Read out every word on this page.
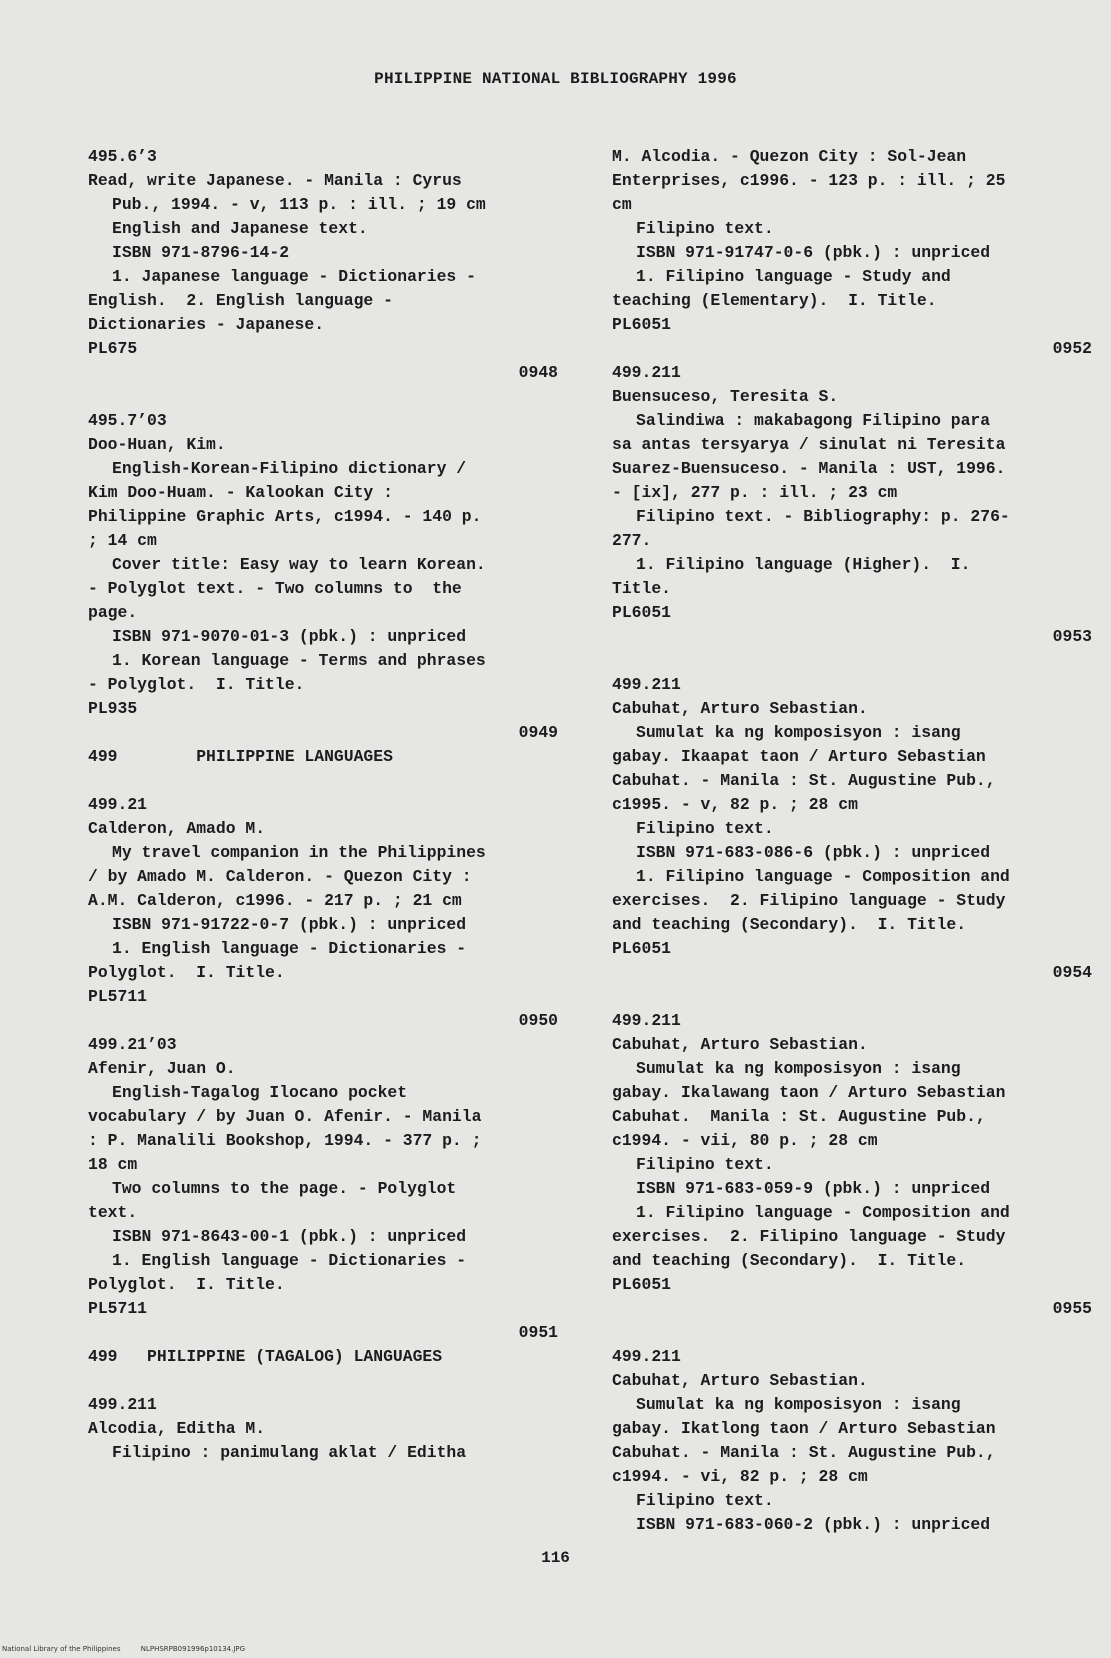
PHILIPPINE NATIONAL BIBLIOGRAPHY 1996

495.6’3

Read, write Japanese. - Manila : Cyrus

Pub., 1994. - v, 113 p. : ill. ; 19 cm

English and Japanese text.

ISBN 971-8796-14-2

1. Japanese language - Dictionaries -

English.  2. English language -

Dictionaries - Japanese.

PL675

0948

495.7’03

Doo-Huan, Kim.

English-Korean-Filipino dictionary /

Kim Doo-Huam. - Kalookan City :

Philippine Graphic Arts, c1994. - 140 p.

; 14 cm

Cover title: Easy way to learn Korean.

- Polyglot text. - Two columns to  the

page.

ISBN 971-9070-01-3 (pbk.) : unpriced

1. Korean language - Terms and phrases

- Polyglot.  I. Title.

PL935

0949

499        PHILIPPINE LANGUAGES

499.21

Calderon, Amado M.

My travel companion in the Philippines

/ by Amado M. Calderon. - Quezon City :

A.M. Calderon, c1996. - 217 p. ; 21 cm

ISBN 971-91722-0-7 (pbk.) : unpriced

1. English language - Dictionaries -

Polyglot.  I. Title.

PL5711

0950

499.21’03

Afenir, Juan O.

English-Tagalog Ilocano pocket

vocabulary / by Juan O. Afenir. - Manila

: P. Manalili Bookshop, 1994. - 377 p. ;

18 cm

Two columns to the page. - Polyglot

text.

ISBN 971-8643-00-1 (pbk.) : unpriced

1. English language - Dictionaries -

Polyglot.  I. Title.

PL5711

0951

499   PHILIPPINE (TAGALOG) LANGUAGES

499.211

Alcodia, Editha M.

Filipino : panimulang aklat / Editha

M. Alcodia. - Quezon City : Sol-Jean

Enterprises, c1996. - 123 p. : ill. ; 25

cm

Filipino text.

ISBN 971-91747-0-6 (pbk.) : unpriced

1. Filipino language - Study and

teaching (Elementary).  I. Title.

PL6051

0952

499.211

Buensuceso, Teresita S.

Salindiwa : makabagong Filipino para

sa antas tersyarya / sinulat ni Teresita

Suarez-Buensuceso. - Manila : UST, 1996.

- [ix], 277 p. : ill. ; 23 cm

Filipino text. - Bibliography: p. 276-

277.

1. Filipino language (Higher).  I.

Title.

PL6051

0953

499.211

Cabuhat, Arturo Sebastian.

Sumulat ka ng komposisyon : isang

gabay. Ikaapat taon / Arturo Sebastian

Cabuhat. - Manila : St. Augustine Pub.,

c1995. - v, 82 p. ; 28 cm

Filipino text.

ISBN 971-683-086-6 (pbk.) : unpriced

1. Filipino language - Composition and

exercises.  2. Filipino language - Study

and teaching (Secondary).  I. Title.

PL6051

0954

499.211

Cabuhat, Arturo Sebastian.

Sumulat ka ng komposisyon : isang

gabay. Ikalawang taon / Arturo Sebastian

Cabuhat.  Manila : St. Augustine Pub.,

c1994. - vii, 80 p. ; 28 cm

Filipino text.

ISBN 971-683-059-9 (pbk.) : unpriced

1. Filipino language - Composition and

exercises.  2. Filipino language - Study

and teaching (Secondary).  I. Title.

PL6051

0955

499.211

Cabuhat, Arturo Sebastian.

Sumulat ka ng komposisyon : isang

gabay. Ikatlong taon / Arturo Sebastian

Cabuhat. - Manila : St. Augustine Pub.,

c1994. - vi, 82 p. ; 28 cm

Filipino text.

ISBN 971-683-060-2 (pbk.) : unpriced

116
National Library of the Philippines	NLPHSRPB091996p10134.JPG
